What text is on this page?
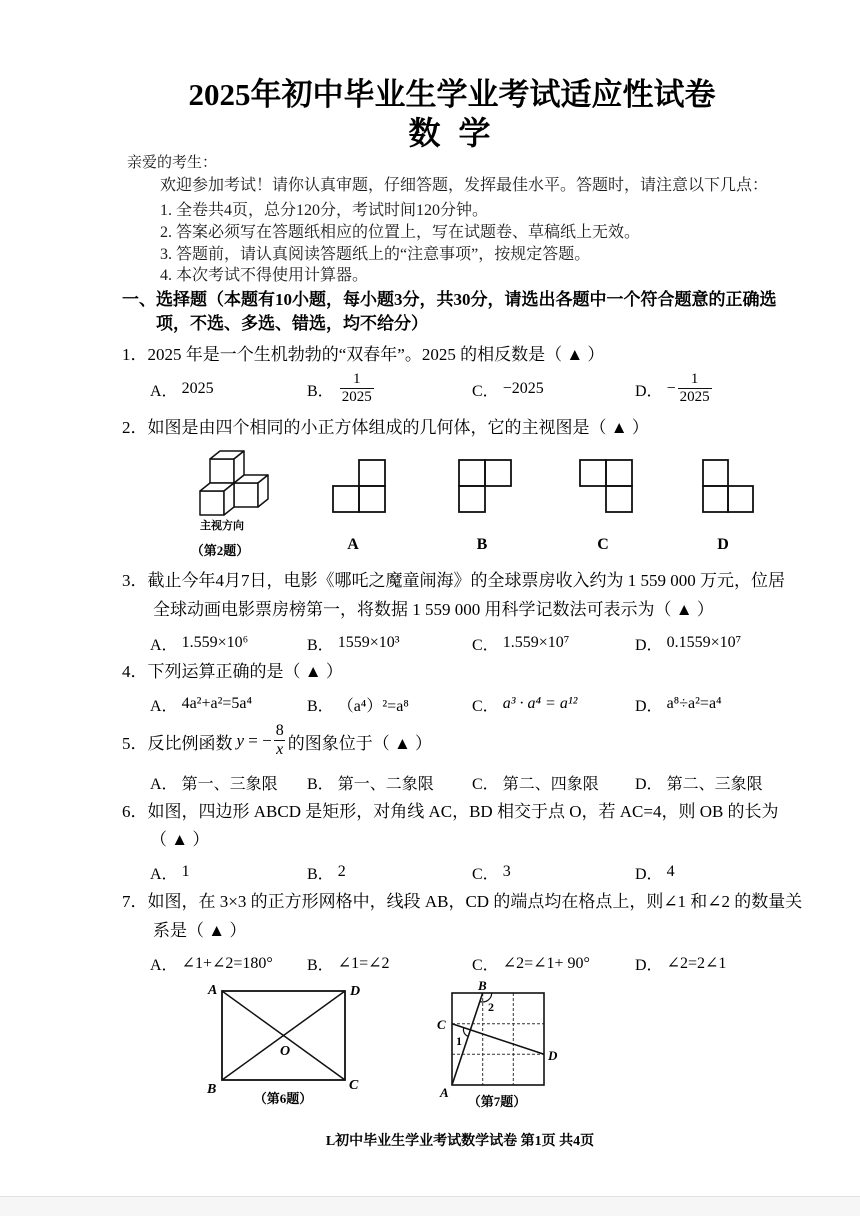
2025年初中毕业生学业考试适应性试卷
数 学
亲爱的考生：
欢迎参加考试！请你认真审题，仔细答题，发挥最佳水平。答题时，请注意以下几点：
1. 全卷共4页，总分120分，考试时间120分钟。
2. 答案必须写在答题纸相应的位置上，写在试题卷、草稿纸上无效。
3. 答题前，请认真阅读答题纸上的“注意事项”，按规定答题。
4. 本次考试不得使用计算器。
一、选择题（本题有10小题，每小题3分，共30分，请选出各题中一个符合题意的正确选
项，不选、多选、错选，均不给分）
1．2025 年是一个生机勃勃的“双春年”。2025 的相反数是（ ▲ ）
A． 2025	B． $\frac{1}{2025}$	C． −2025	D． − $\frac{1}{2025}$
2．如图是由四个相同的小正方体组成的几何体，它的主视图是（ ▲ ）
主视方向
（第2题）	A	B	C	D
3．截止今年4月7日，电影《哪吒之魔童闹海》的全球票房收入约为 1 559 000 万元，位居
全球动画电影票房榜第一，将数据 1 559 000 用科学记数法可表示为（ ▲ ）
A． 1.559×10⁶	B． 1559×10³	C． 1.559×10⁷	D． 0.1559×10⁷
4．下列运算正确的是（ ▲ ）
A． 4a²+a²=5a⁴	B． （a⁴）²=a⁸	C． a³ · a⁴ = a¹²	D． a⁸÷a²=a⁴
5．反比例函数 y = − $\frac{8}{x}$ 的图象位于（ ▲ ）
A． 第一、三象限 B． 第一、二象限 C． 第二、四象限 D． 第二、三象限
6．如图，四边形 ABCD 是矩形，对角线 AC，BD 相交于点 O，若 AC=4，则 OB 的长为
（ ▲ ）
A． 1	B． 2	C． 3	D． 4
7．如图，在 3×3 的正方形网格中，线段 AB，CD 的端点均在格点上，则∠1 和∠2 的数量关
系是（ ▲ ）
A． ∠1+∠2=180° B． ∠1=∠2	C． ∠2=∠1+ 90°	D． ∠2=2∠1
A	D
B	C
O
（第6题）
B
2
C
1
D
A
（第7题）
L初中毕业生学业考试数学试卷 第1页 共4页
